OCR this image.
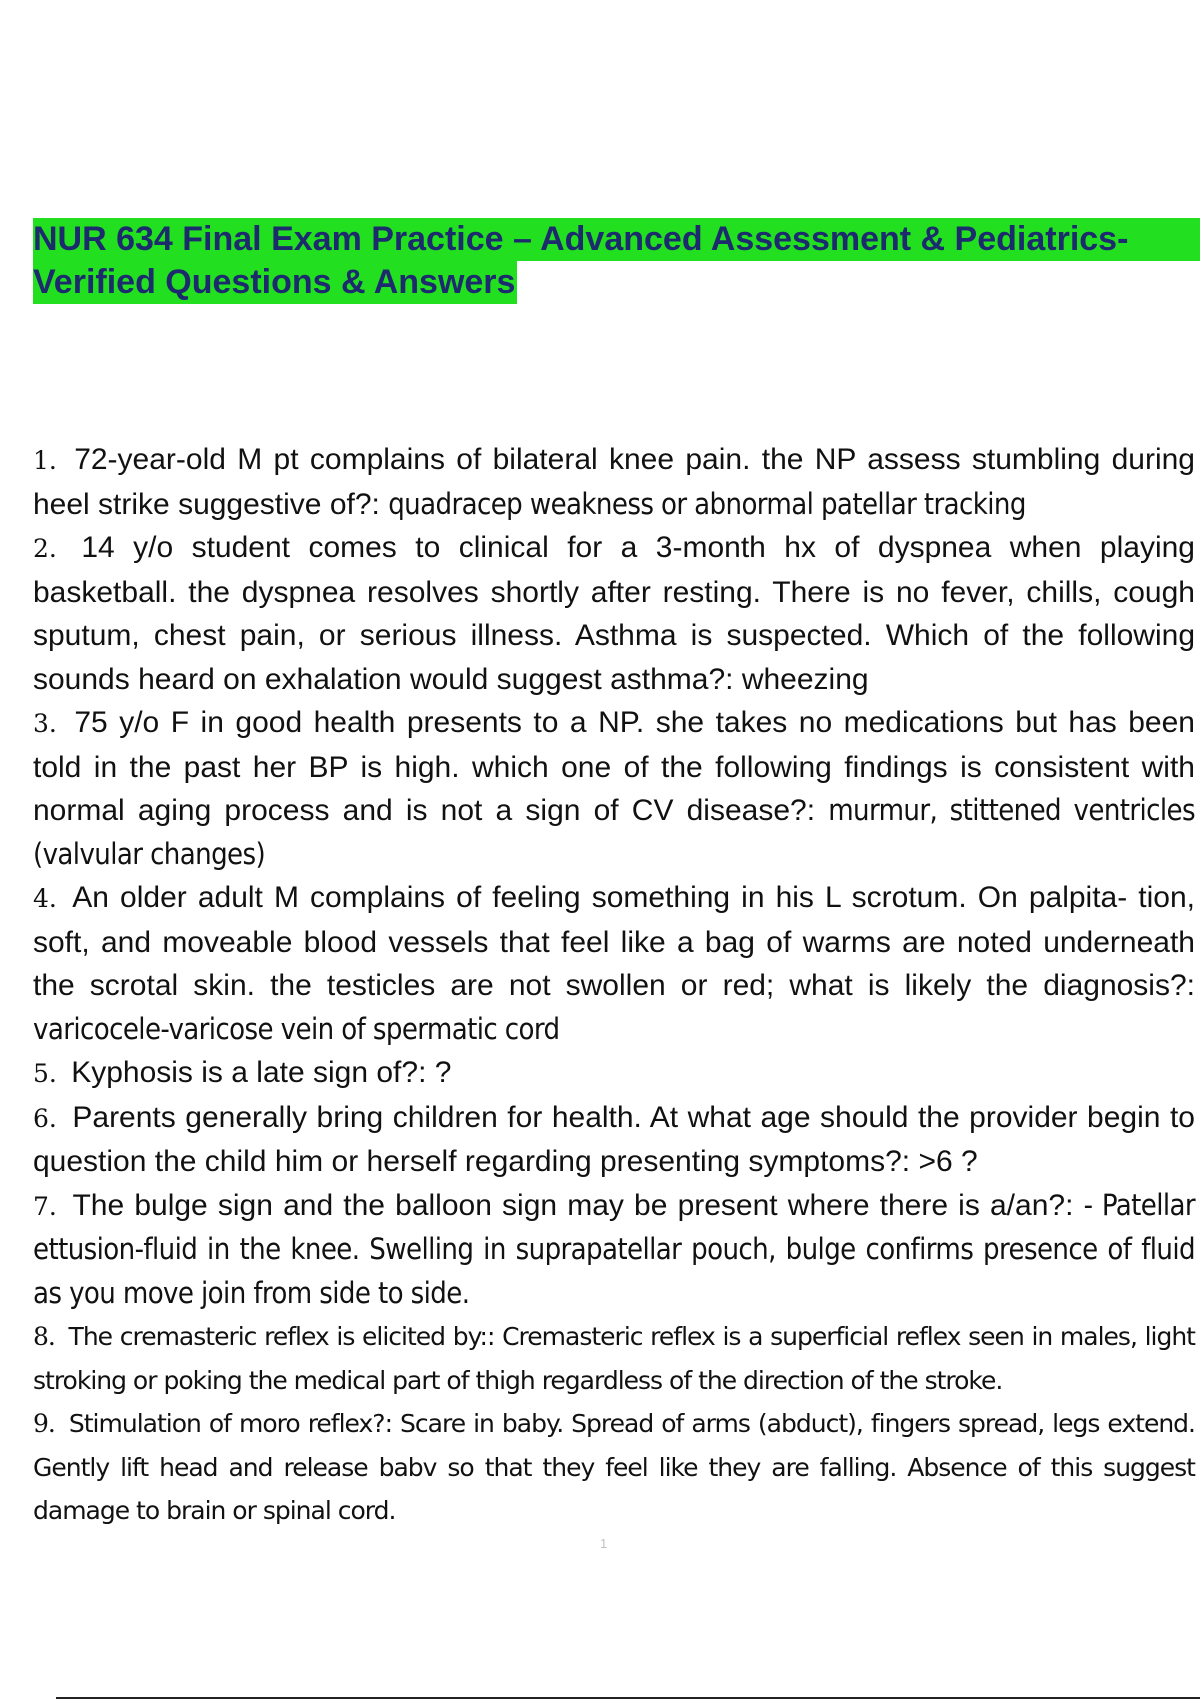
NUR 634 Final Exam Practice – Advanced Assessment & Pediatrics-
Verified Questions & Answers
1. 72-year-old M pt complains of bilateral knee pain. the NP assess stumbling during heel strike suggestive of?: quadracep weakness or abnormal patellar tracking
2. 14 y/o student comes to clinical for a 3-month hx of dyspnea when playing basketball. the dyspnea resolves shortly after resting. There is no fever, chills, cough sputum, chest pain, or serious illness. Asthma is suspected. Which of the following sounds heard on exhalation would suggest asthma?: wheezing
3. 75 y/o F in good health presents to a NP. she takes no medications but has been told in the past her BP is high. which one of the following findings is consistent with normal aging process and is not a sign of CV disease?: murmur, stittened ventricles (valvular changes)
4. An older adult M complains of feeling something in his L scrotum. On palpita- tion, soft, and moveable blood vessels that feel like a bag of warms are noted underneath the scrotal skin. the testicles are not swollen or red; what is likely the diagnosis?: varicocele-varicose vein of spermatic cord
5. Kyphosis is a late sign of?: ?
6. Parents generally bring children for health. At what age should the provider begin to question the child him or herself regarding presenting symptoms?: >6 ?
7. The bulge sign and the balloon sign may be present where there is a/an?: - Patellar ettusion-fluid in the knee. Swelling in suprapatellar pouch, bulge confirms presence of fluid as you move join from side to side.
8. The cremasteric reflex is elicited by:: Cremasteric reflex is a superficial reflex seen in males, light stroking or poking the medical part of thigh regardless of the direction of the stroke.
9. Stimulation of moro reflex?: Scare in baby. Spread of arms (abduct), fingers spread, legs extend. Gently lift head and release babv so that they feel like they are falling. Absence of this suggest damage to brain or spinal cord.
1
